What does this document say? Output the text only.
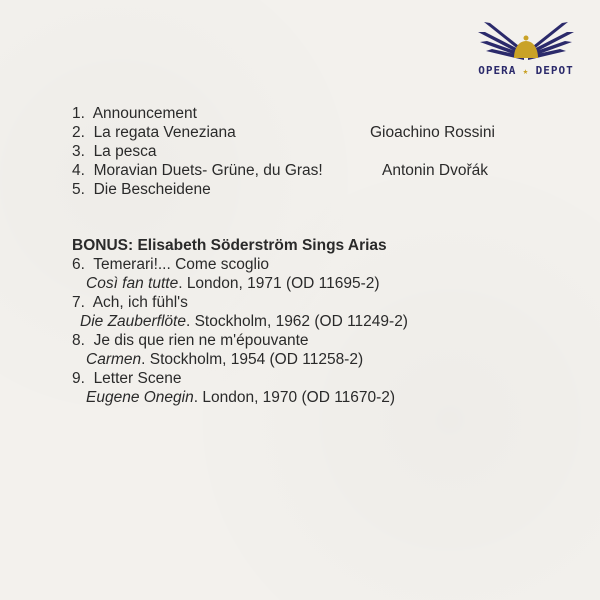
OPERA ★ DEPOT
1. Announcement
2. La regata Veneziana	Gioachino Rossini
3. La pesca
4. Moravian Duets- Grüne, du Gras!	Antonin Dvořák
5. Die Bescheidene
BONUS: Elisabeth Söderström Sings Arias
6. Temerari!... Come scoglio
Così fan tutte. London, 1971 (OD 11695-2)
7. Ach, ich fühl's
Die Zauberflöte. Stockholm, 1962 (OD 11249-2)
8. Je dis que rien ne m'épouvante
Carmen. Stockholm, 1954 (OD 11258-2)
9. Letter Scene
Eugene Onegin. London, 1970 (OD 11670-2)
